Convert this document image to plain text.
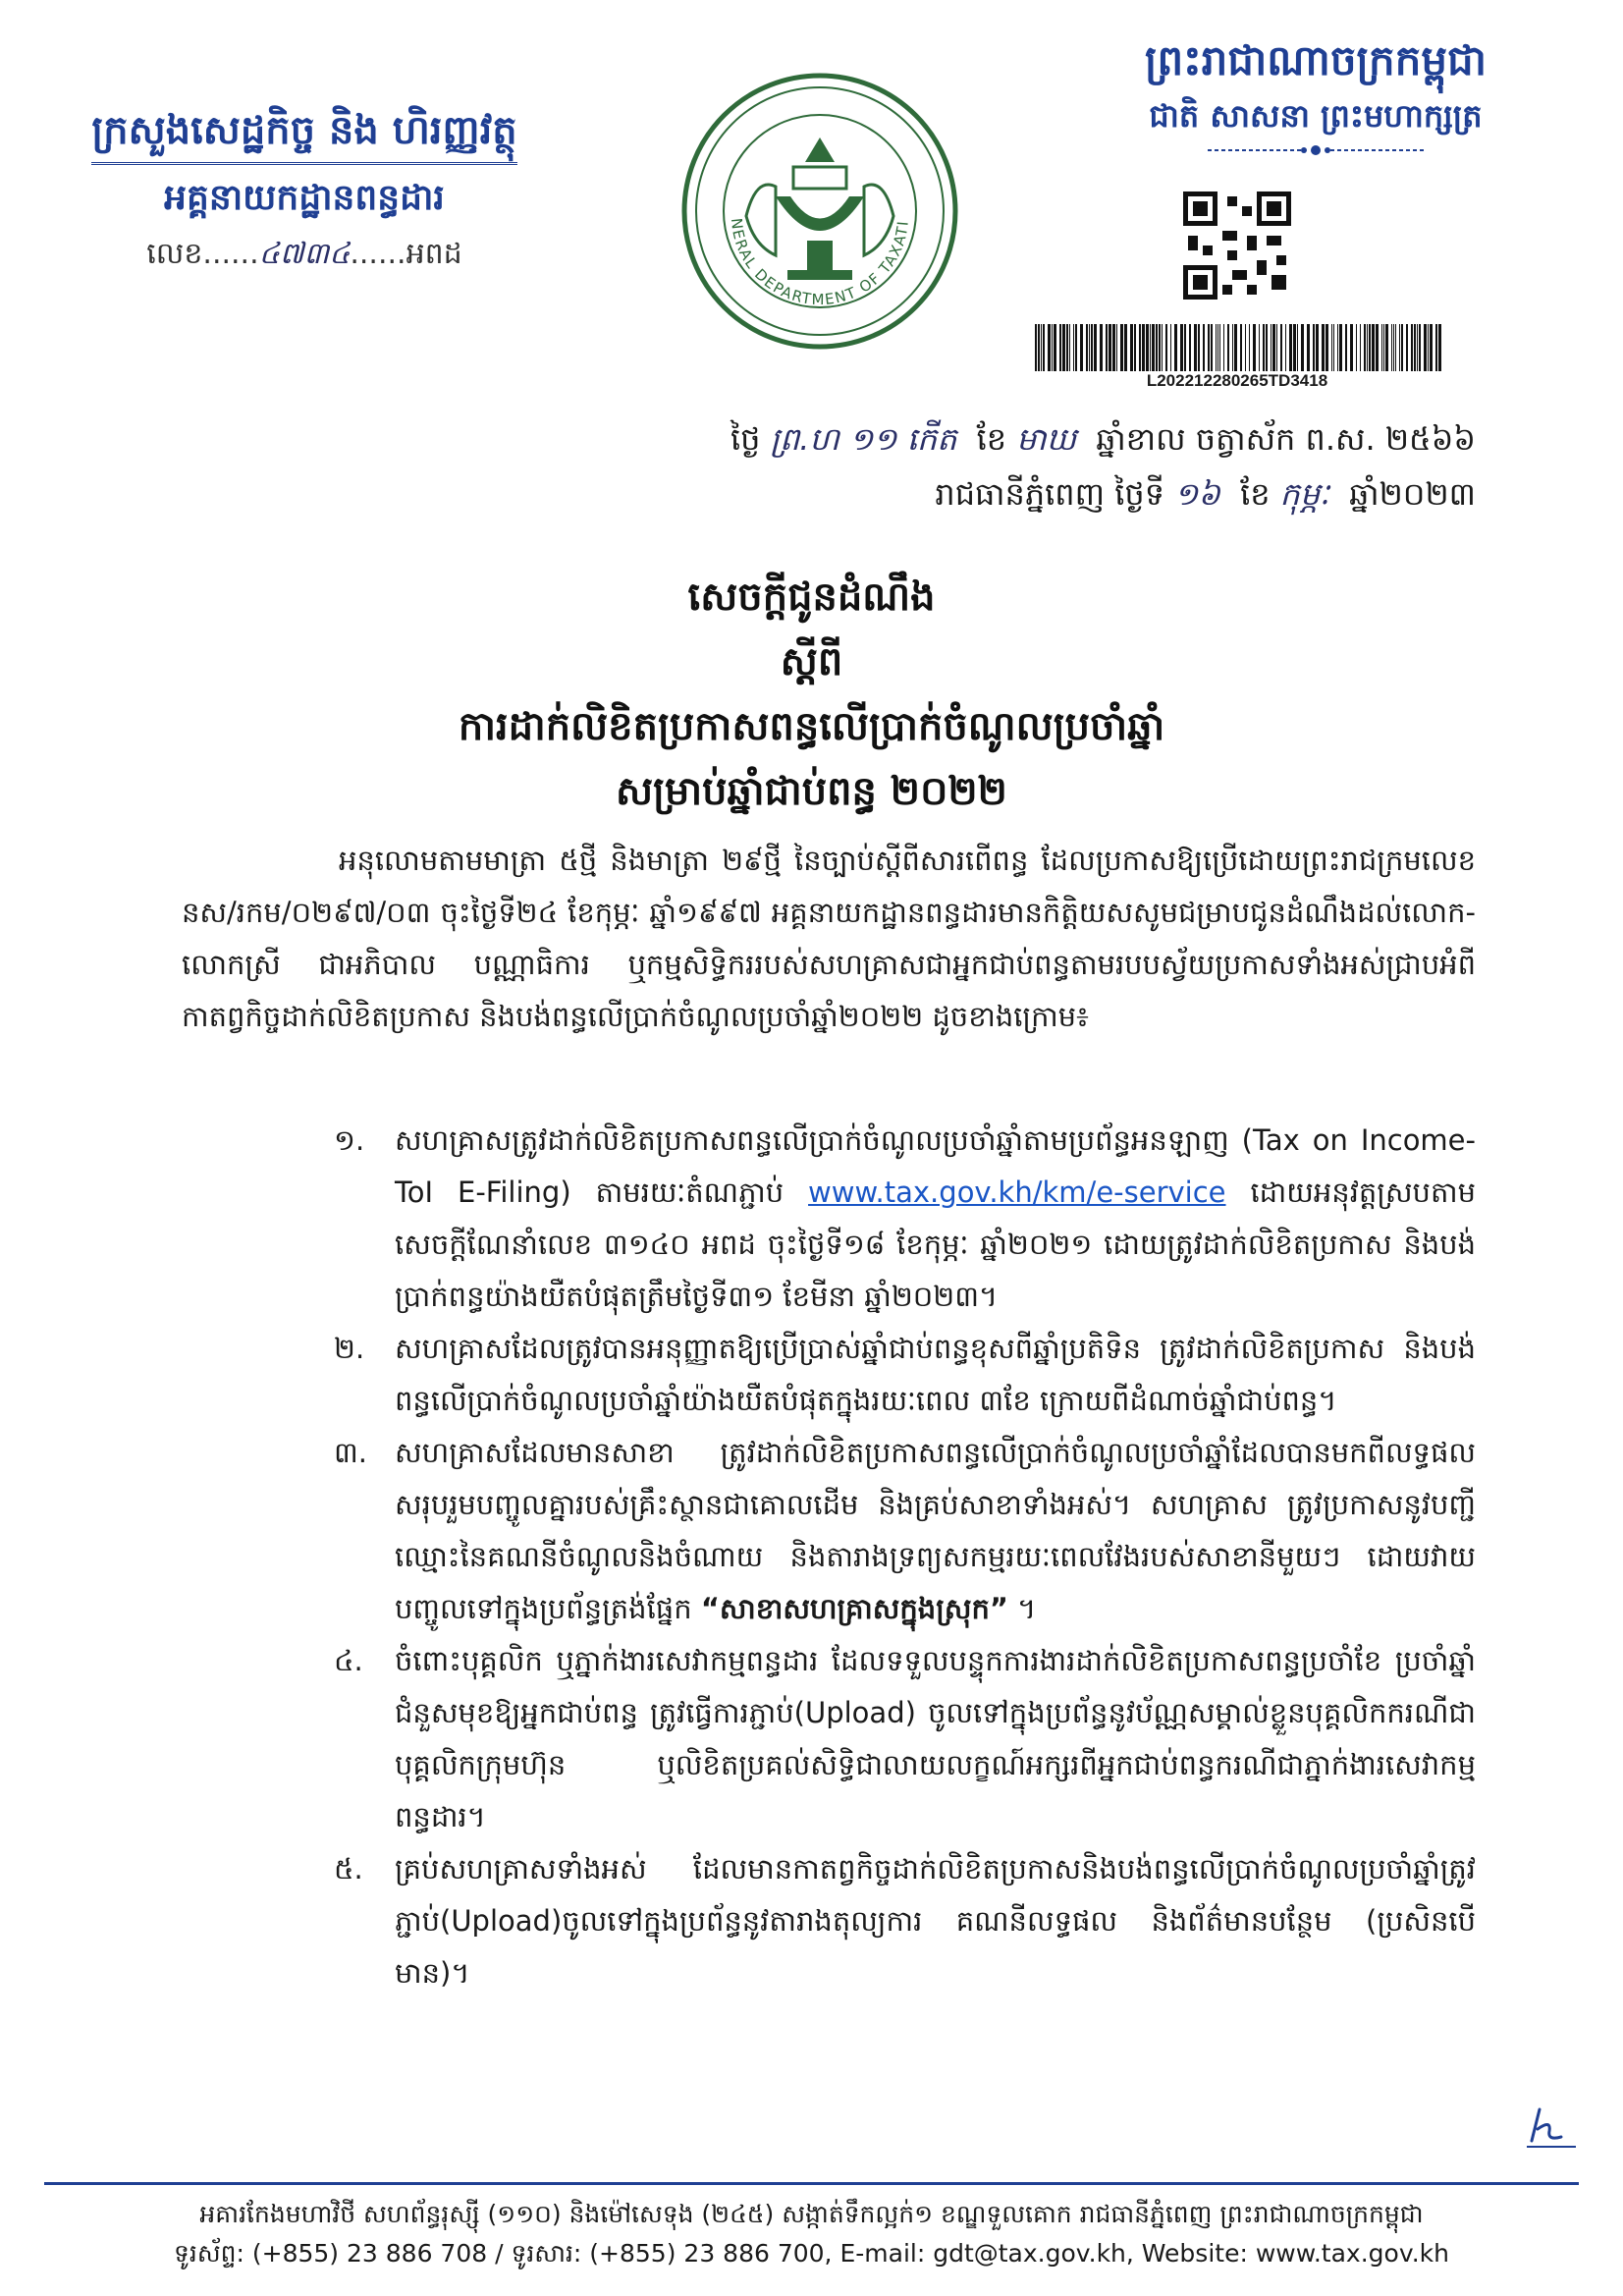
ក្រសួងសេដ្ឋកិច្ច និង ហិរញ្ញវត្ថុ
អគ្គនាយកដ្ឋានពន្ធដារ
លេខ......៤៧៣៤......អពដ
NERAL DEPARTMENT OF TAXATI
ព្រះរាជាណាចក្រកម្ពុជា
ជាតិ សាសនា ព្រះមហាក្សត្រ
L202212280265TD3418
ថ្ងៃ ព្រ.ហ ១១ កើត ខែ មាឃ ឆ្នាំខាល ចត្វាស័ក ព.ស. ២៥៦៦
រាជធានីភ្នំពេញ ថ្ងៃទី ១៦ ខែ កុម្ភៈ ឆ្នាំ២០២៣
សេចក្តីជូនដំណឹង
ស្តីពី
ការដាក់លិខិតប្រកាសពន្ធលើប្រាក់ចំណូលប្រចាំឆ្នាំ
សម្រាប់ឆ្នាំជាប់ពន្ធ ២០២២
អនុលោមតាមមាត្រា ៥ថ្មី និងមាត្រា ២៩ថ្មី នៃច្បាប់ស្តីពីសារពើពន្ធ ដែលប្រកាសឱ្យប្រើដោយព្រះរាជក្រមលេខ នស/រកម/០២៩៧/០៣ ចុះថ្ងៃទី២៤ ខែកុម្ភៈ ឆ្នាំ១៩៩៧ អគ្គនាយកដ្ឋានពន្ធដារមានកិត្តិយសសូមជម្រាបជូនដំណឹងដល់លោក-លោកស្រី ជាអភិបាល បណ្ណាធិការ ឬកម្មសិទ្ធិកររបស់សហគ្រាសជាអ្នកជាប់ពន្ធតាមរបបស្វ័យប្រកាសទាំងអស់ជ្រាបអំពីកាតព្វកិច្ចដាក់លិខិតប្រកាស និងបង់ពន្ធលើប្រាក់ចំណូលប្រចាំឆ្នាំ២០២២ ដូចខាងក្រោម៖
១. សហគ្រាសត្រូវដាក់លិខិតប្រកាសពន្ធលើប្រាក់ចំណូលប្រចាំឆ្នាំតាមប្រព័ន្ធអនឡាញ (Tax on Income-ToI E-Filing) តាមរយៈតំណភ្ជាប់ www.tax.gov.kh/km/e-service ដោយអនុវត្តស្របតាមសេចក្តីណែនាំលេខ ៣១៤០ អពដ ចុះថ្ងៃទី១៨ ខែកុម្ភៈ ឆ្នាំ២០២១ ដោយត្រូវដាក់លិខិតប្រកាស និងបង់ប្រាក់ពន្ធយ៉ាងយឺតបំផុតត្រឹមថ្ងៃទី៣១ ខែមីនា ឆ្នាំ២០២៣។
២. សហគ្រាសដែលត្រូវបានអនុញ្ញាតឱ្យប្រើប្រាស់ឆ្នាំជាប់ពន្ធខុសពីឆ្នាំប្រតិទិន ត្រូវដាក់លិខិតប្រកាស និងបង់ពន្ធលើប្រាក់ចំណូលប្រចាំឆ្នាំយ៉ាងយឺតបំផុតក្នុងរយៈពេល ៣ខែ ក្រោយពីដំណាច់ឆ្នាំជាប់ពន្ធ។
៣. សហគ្រាសដែលមានសាខា ត្រូវដាក់លិខិតប្រកាសពន្ធលើប្រាក់ចំណូលប្រចាំឆ្នាំដែលបានមកពីលទ្ធផលសរុបរួមបញ្ចូលគ្នារបស់គ្រឹះស្ថានជាគោលដើម និងគ្រប់សាខាទាំងអស់។ សហគ្រាស ត្រូវប្រកាសនូវបញ្ជីឈ្មោះនៃគណនីចំណូលនិងចំណាយ និងតារាងទ្រព្យសកម្មរយៈពេលវែងរបស់សាខានីមួយៗ ដោយវាយបញ្ចូលទៅក្នុងប្រព័ន្ធត្រង់ផ្នែក “សាខាសហគ្រាសក្នុងស្រុក” ។
៤. ចំពោះបុគ្គលិក ឬភ្នាក់ងារសេវាកម្មពន្ធដារ ដែលទទួលបន្ទុកការងារដាក់លិខិតប្រកាសពន្ធប្រចាំខែ ប្រចាំឆ្នាំ ជំនួសមុខឱ្យអ្នកជាប់ពន្ធ ត្រូវធ្វើការភ្ជាប់(Upload) ចូលទៅក្នុងប្រព័ន្ធនូវប័ណ្ណសម្គាល់ខ្លួនបុគ្គលិកករណីជាបុគ្គលិកក្រុមហ៊ុន ឬលិខិតប្រគល់សិទ្ធិជាលាយលក្ខណ៍អក្សរពីអ្នកជាប់ពន្ធករណីជាភ្នាក់ងារសេវាកម្មពន្ធដារ។
៥. គ្រប់សហគ្រាសទាំងអស់ ដែលមានកាតព្វកិច្ចដាក់លិខិតប្រកាសនិងបង់ពន្ធលើប្រាក់ចំណូលប្រចាំឆ្នាំត្រូវភ្ជាប់(Upload)ចូលទៅក្នុងប្រព័ន្ធនូវតារាងតុល្យការ គណនីលទ្ធផល និងព័ត៌មានបន្ថែម (ប្រសិនបើមាន)។
អគារកែងមហាវិថី សហព័ន្ធរុស្ស៊ី (១១០) និងម៉ៅសេទុង (២៤៥) សង្កាត់ទឹកល្អក់១ ខណ្ឌទួលគោក រាជធានីភ្នំពេញ ព្រះរាជាណាចក្រកម្ពុជា
ទូរស័ព្ទ: (+855) 23 886 708 / ទូរសារ: (+855) 23 886 700, E-mail: gdt@tax.gov.kh, Website: www.tax.gov.kh
